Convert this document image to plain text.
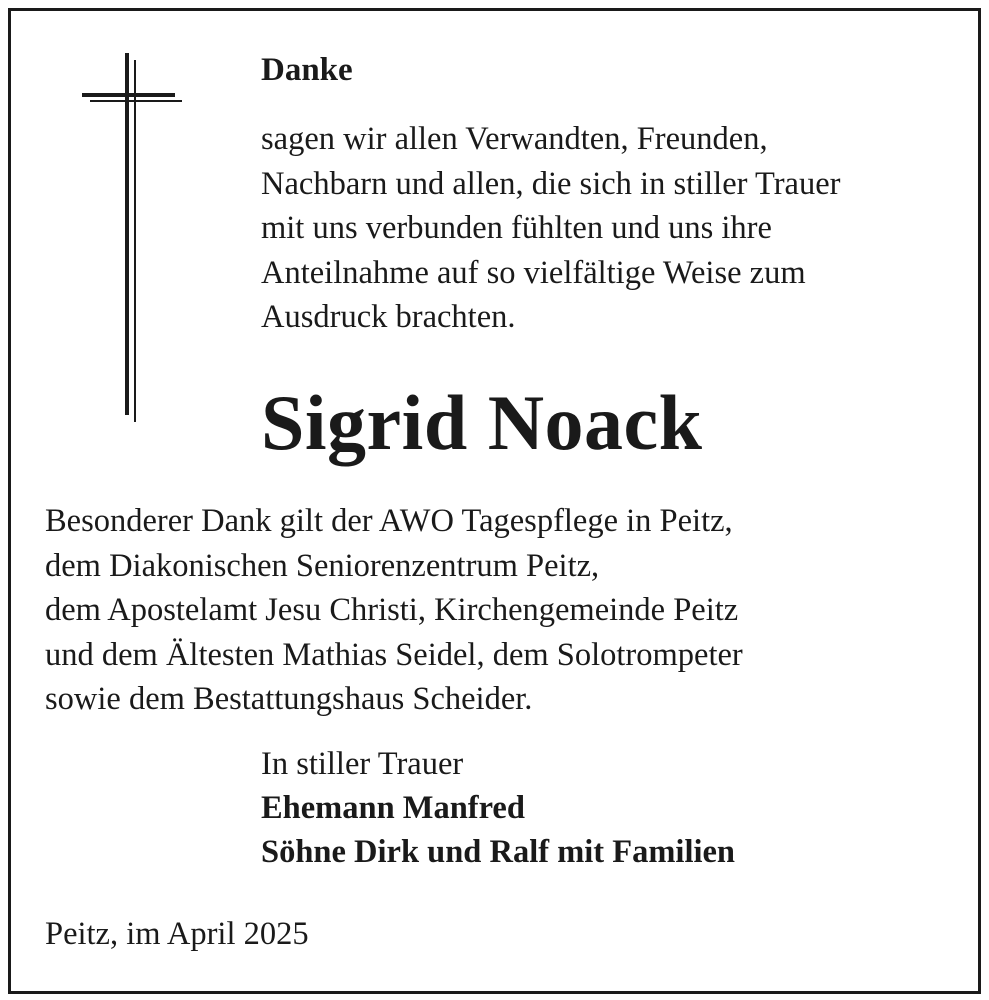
Danke
sagen wir allen Verwandten, Freunden,
Nachbarn und allen, die sich in stiller Trauer
mit uns verbunden fühlten und uns ihre
Anteilnahme auf so vielfältige Weise zum
Ausdruck brachten.
Sigrid Noack
Besonderer Dank gilt der AWO Tagespflege in Peitz,
dem Diakonischen Seniorenzentrum Peitz,
dem Apostelamt Jesu Christi, Kirchengemeinde Peitz
und dem Ältesten Mathias Seidel, dem Solotrompeter
sowie dem Bestattungshaus Scheider.
In stiller Trauer
Ehemann Manfred
Söhne Dirk und Ralf mit Familien

Peitz, im April 2025
